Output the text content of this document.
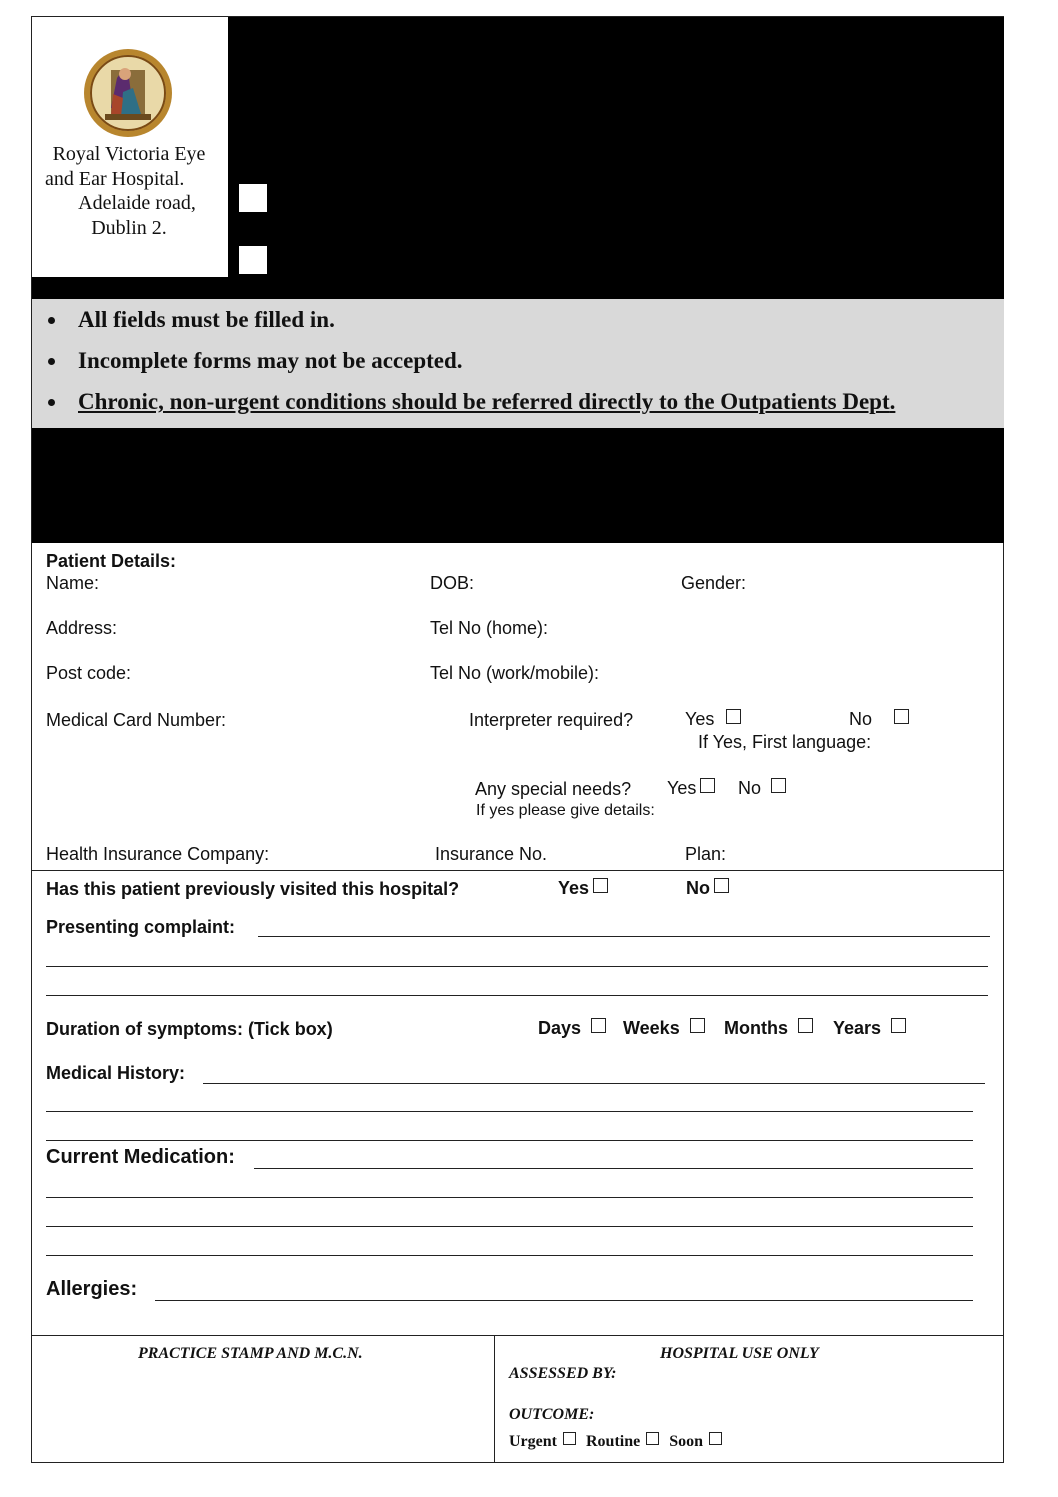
Royal Victoria Eye
and Ear Hospital.
Adelaide road,
Dublin 2.
All fields must be filled in.
Incomplete forms may not be accepted.
Chronic, non-urgent conditions should be referred directly to the Outpatients Dept.
Patient Details:
Name:	DOB:	Gender:
Address:	Tel No (home):
Post code:	Tel No (work/mobile):
Medical Card Number:	Interpreter required?	Yes	No
If Yes, First language:
Any special needs? Yes	No
If yes please give details:
Health Insurance Company:	Insurance No.	Plan:
Has this patient previously visited this hospital?	Yes	No
Presenting complaint:
Duration of symptoms: (Tick box)	Days	Weeks	Months	Years
Medical History:
Current Medication:
Allergies:
PRACTICE STAMP AND M.C.N.	HOSPITAL USE ONLY
ASSESSED BY:
OUTCOME:
Urgent Routine Soon
